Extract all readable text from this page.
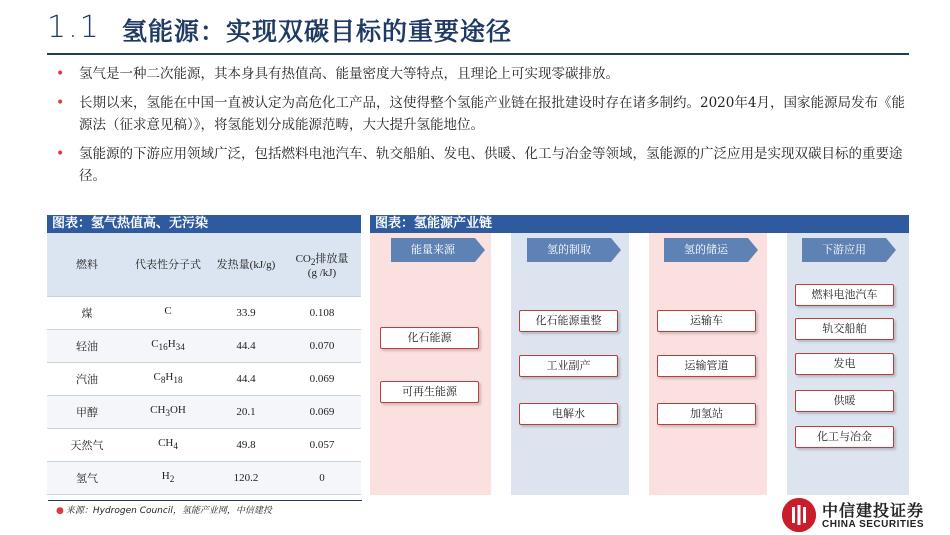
1.1 氢能源：实现双碳目标的重要途径
• 氢气是一种二次能源，其本身具有热值高、能量密度大等特点，且理论上可实现零碳排放。
• 长期以来，氢能在中国一直被认定为高危化工产品，这使得整个氢能产业链在报批建设时存在诸多制约。2020年4月，国家能源局发布《能源法（征求意见稿）》，将氢能划分成能源范畴，大大提升氢能地位。
• 氢能源的下游应用领域广泛，包括燃料电池汽车、轨交船舶、发电、供暖、化工与冶金等领域，氢能源的广泛应用是实现双碳目标的重要途径。
图表：氢气热值高、无污染
燃料	代表性分子式	发热量(kJ/g)	$CO_2$排放量
(g /kJ)
煤	C	33.9	0.108
轻油	$C_{16}H_{34}$	44.4	0.070
汽油	$C_8H_{18}$	44.4	0.069
甲醇	$CH_3OH$	20.1	0.069
天然气	$CH_4$	49.8	0.057
氢气	$H_2$	120.2	0
● 来源：Hydrogen Council，氢能产业网，中信建投
图表：氢能源产业链
能量来源	氢的制取	氢的储运	下游应用
化石能源
可再生能源
化石能源重整
工业副产
电解水
运输车
运输管道
加氢站
燃料电池汽车
轨交船舶
发电
供暖
化工与冶金
中信建投证券
CHINA SECURITIES
